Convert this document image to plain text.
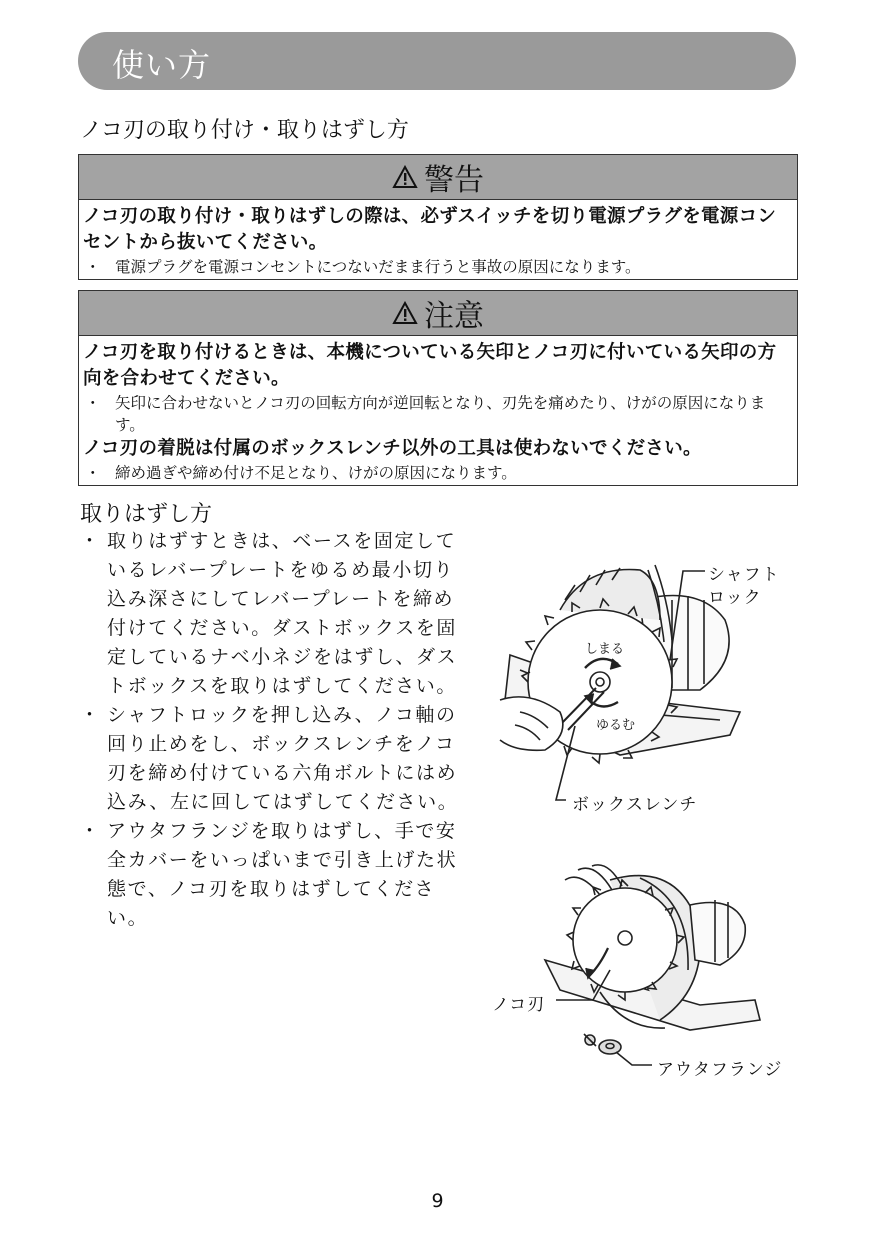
使い方
ノコ刃の取り付け・取りはずし方
警告
ノコ刃の取り付け・取りはずしの際は、必ずスイッチを切り電源プラグを電源コンセントから抜いてください。
・ 電源プラグを電源コンセントにつないだまま行うと事故の原因になります。
注意
ノコ刃を取り付けるときは、本機についている矢印とノコ刃に付いている矢印の方向を合わせてください。
・ 矢印に合わせないとノコ刃の回転方向が逆回転となり、刃先を痛めたり、けがの原因になります。
ノコ刃の着脱は付属のボックスレンチ以外の工具は使わないでください。
・ 締め過ぎや締め付け不足となり、けがの原因になります。
取りはずし方
・ 取りはずすときは、ベースを固定しているレバープレートをゆるめ最小切り込み深さにしてレバープレートを締め付けてください。ダストボックスを固定しているナベ小ネジをはずし、ダストボックスを取りはずしてください。
・ シャフトロックを押し込み、ノコ軸の回り止めをし、ボックスレンチをノコ刃を締め付けている六角ボルトにはめ込み、左に回してはずしてください。
・ アウタフランジを取りはずし、手で安全カバーをいっぱいまで引き上げた状態で、ノコ刃を取りはずしてください。
シャフト
ロック
しまる
ゆるむ
ボックスレンチ
ノコ刃
アウタフランジ
9
